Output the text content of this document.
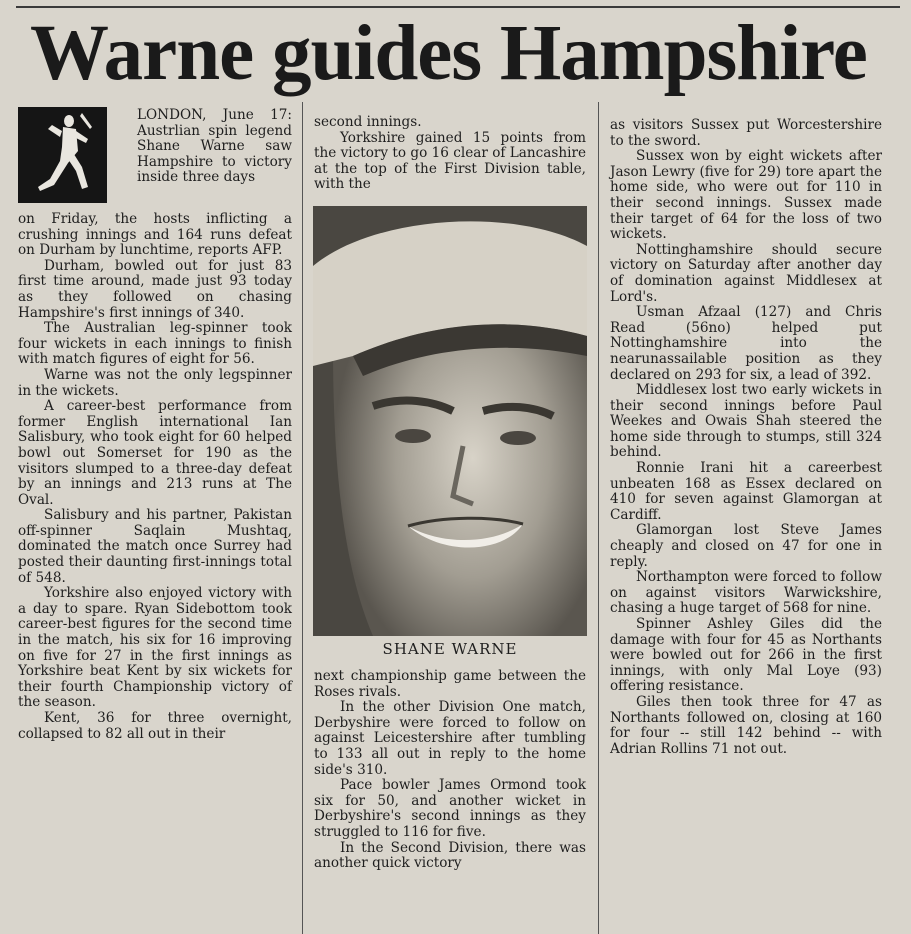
Warne guides Hampshire

LONDON, June 17: Austrlian spin legend Shane Warne saw Hampshire to victory inside three days

on Friday, the hosts inflicting a crushing innings and 164 runs defeat on Durham by lunchtime, reports AFP.

Durham, bowled out for just 83 first time around, made just 93 today as they followed on chasing Hampshire's first innings of 340.

The Australian leg-spinner took four wickets in each innings to finish with match figures of eight for 56.

Warne was not the only legspinner in the wickets.

A career-best performance from former English international Ian Salisbury, who took eight for 60 helped bowl out Somerset for 190 as the visitors slumped to a three-day defeat by an innings and 213 runs at The Oval.

Salisbury and his partner, Pakistan off-spinner Saqlain Mushtaq, dominated the match once Surrey had posted their daunting first-innings total of 548.

Yorkshire also enjoyed victory with a day to spare. Ryan Sidebottom took career-best figures for the second time in the match, his six for 16 improving on five for 27 in the first innings as Yorkshire beat Kent by six wickets for their fourth Championship victory of the season.

Kent, 36 for three overnight, collapsed to 82 all out in their

second innings.

Yorkshire gained 15 points from the victory to go 16 clear of Lancashire at the top of the First Division table, with the

SHANE WARNE

next championship game between the Roses rivals.

In the other Division One match, Derbyshire were forced to follow on against Leicestershire after tumbling to 133 all out in reply to the home side's 310.

Pace bowler James Ormond took six for 50, and another wicket in Derbyshire's second innings as they struggled to 116 for five.

In the Second Division, there was another quick victory

as visitors Sussex put Worcestershire to the sword.

Sussex won by eight wickets after Jason Lewry (five for 29) tore apart the home side, who were out for 110 in their second innings. Sussex made their target of 64 for the loss of two wickets.

Nottinghamshire should secure victory on Saturday after another day of domination against Middlesex at Lord's.

Usman Afzaal (127) and Chris Read (56no) helped put Nottinghamshire into the nearunassailable position as they declared on 293 for six, a lead of 392.

Middlesex lost two early wickets in their second innings before Paul Weekes and Owais Shah steered the home side through to stumps, still 324 behind.

Ronnie Irani hit a careerbest unbeaten 168 as Essex declared on 410 for seven against Glamorgan at Cardiff.

Glamorgan lost Steve James cheaply and closed on 47 for one in reply.

Northampton were forced to follow on against visitors Warwickshire, chasing a huge target of 568 for nine.

Spinner Ashley Giles did the damage with four for 45 as Northants were bowled out for 266 in the first innings, with only Mal Loye (93) offering resistance.

Giles then took three for 47 as Northants followed on, closing at 160 for four -- still 142 behind -- with Adrian Rollins 71 not out.
